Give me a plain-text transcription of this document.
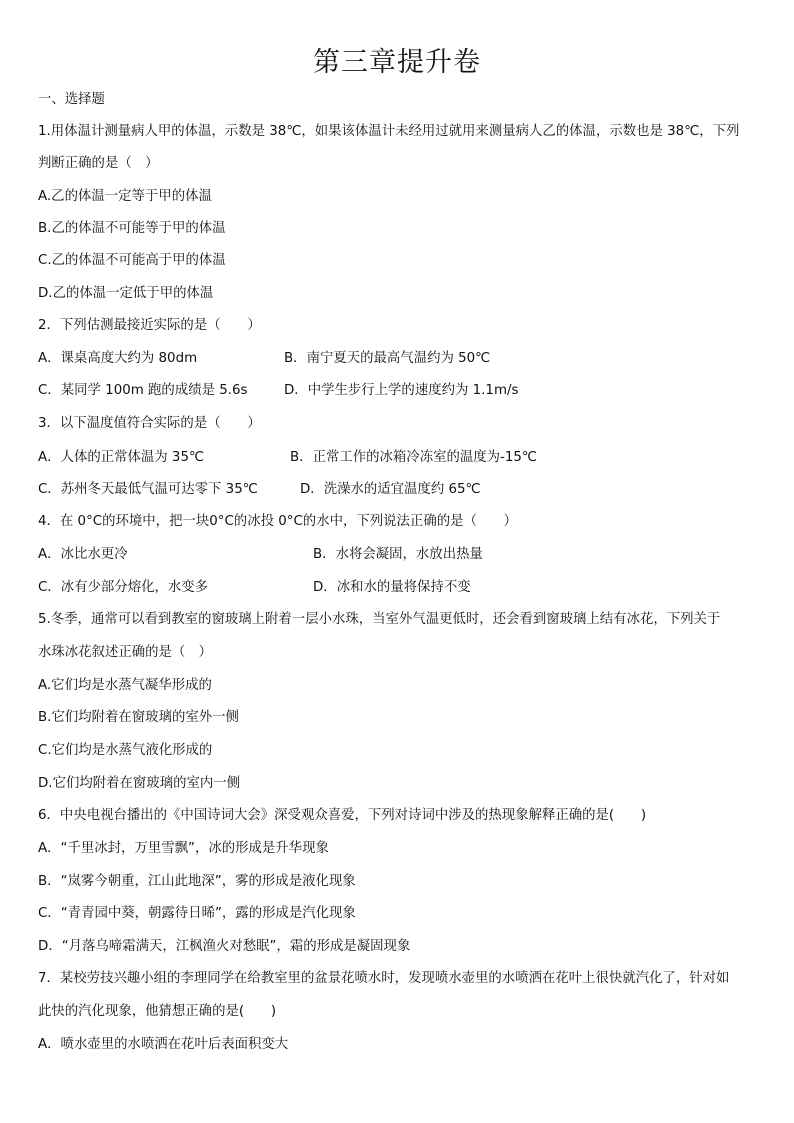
第三章提升卷
一、选择题
1.用体温计测量病人甲的体温，示数是 38℃，如果该体温计未经用过就用来测量病人乙的体温，示数也是 38℃，下列
判断正确的是（　）
A.乙的体温一定等于甲的体温
B.乙的体温不可能等于甲的体温
C.乙的体温不可能高于甲的体温
D.乙的体温一定低于甲的体温
2．下列估测最接近实际的是（　　）
A．课桌高度大约为 80dm	B．南宁夏天的最高气温约为 50℃
C．某同学 100m 跑的成绩是 5.6s	D．中学生步行上学的速度约为 1.1m/s
3．以下温度值符合实际的是（　　）
A．人体的正常体温为 35℃	B．正常工作的冰箱冷冻室的温度为-15℃
C．苏州冬天最低气温可达零下 35℃	D．洗澡水的适宜温度约 65℃
4．在 0°C的环境中，把一块0°C的冰投 0°C的水中，下列说法正确的是（　　）
A．冰比水更冷	B．水将会凝固，水放出热量
C．冰有少部分熔化，水变多	D．冰和水的量将保持不变
5.冬季，通常可以看到教室的窗玻璃上附着一层小水珠，当室外气温更低时，还会看到窗玻璃上结有冰花，下列关于
水珠冰花叙述正确的是（　）
A.它们均是水蒸气凝华形成的
B.它们均附着在窗玻璃的室外一侧
C.它们均是水蒸气液化形成的
D.它们均附着在窗玻璃的室内一侧
6．中央电视台播出的《中国诗词大会》深受观众喜爱，下列对诗词中涉及的热现象解释正确的是(　　)
A．“千里冰封，万里雪飘”，冰的形成是升华现象
B．“岚雾今朝重，江山此地深”，雾的形成是液化现象
C．“青青园中葵，朝露待日晞”，露的形成是汽化现象
D．“月落乌啼霜满天，江枫渔火对愁眠”，霜的形成是凝固现象
7．某校劳技兴趣小组的李理同学在给教室里的盆景花喷水时，发现喷水壶里的水喷洒在花叶上很快就汽化了，针对如
此快的汽化现象，他猜想正确的是(　　)
A．喷水壶里的水喷洒在花叶后表面积变大
